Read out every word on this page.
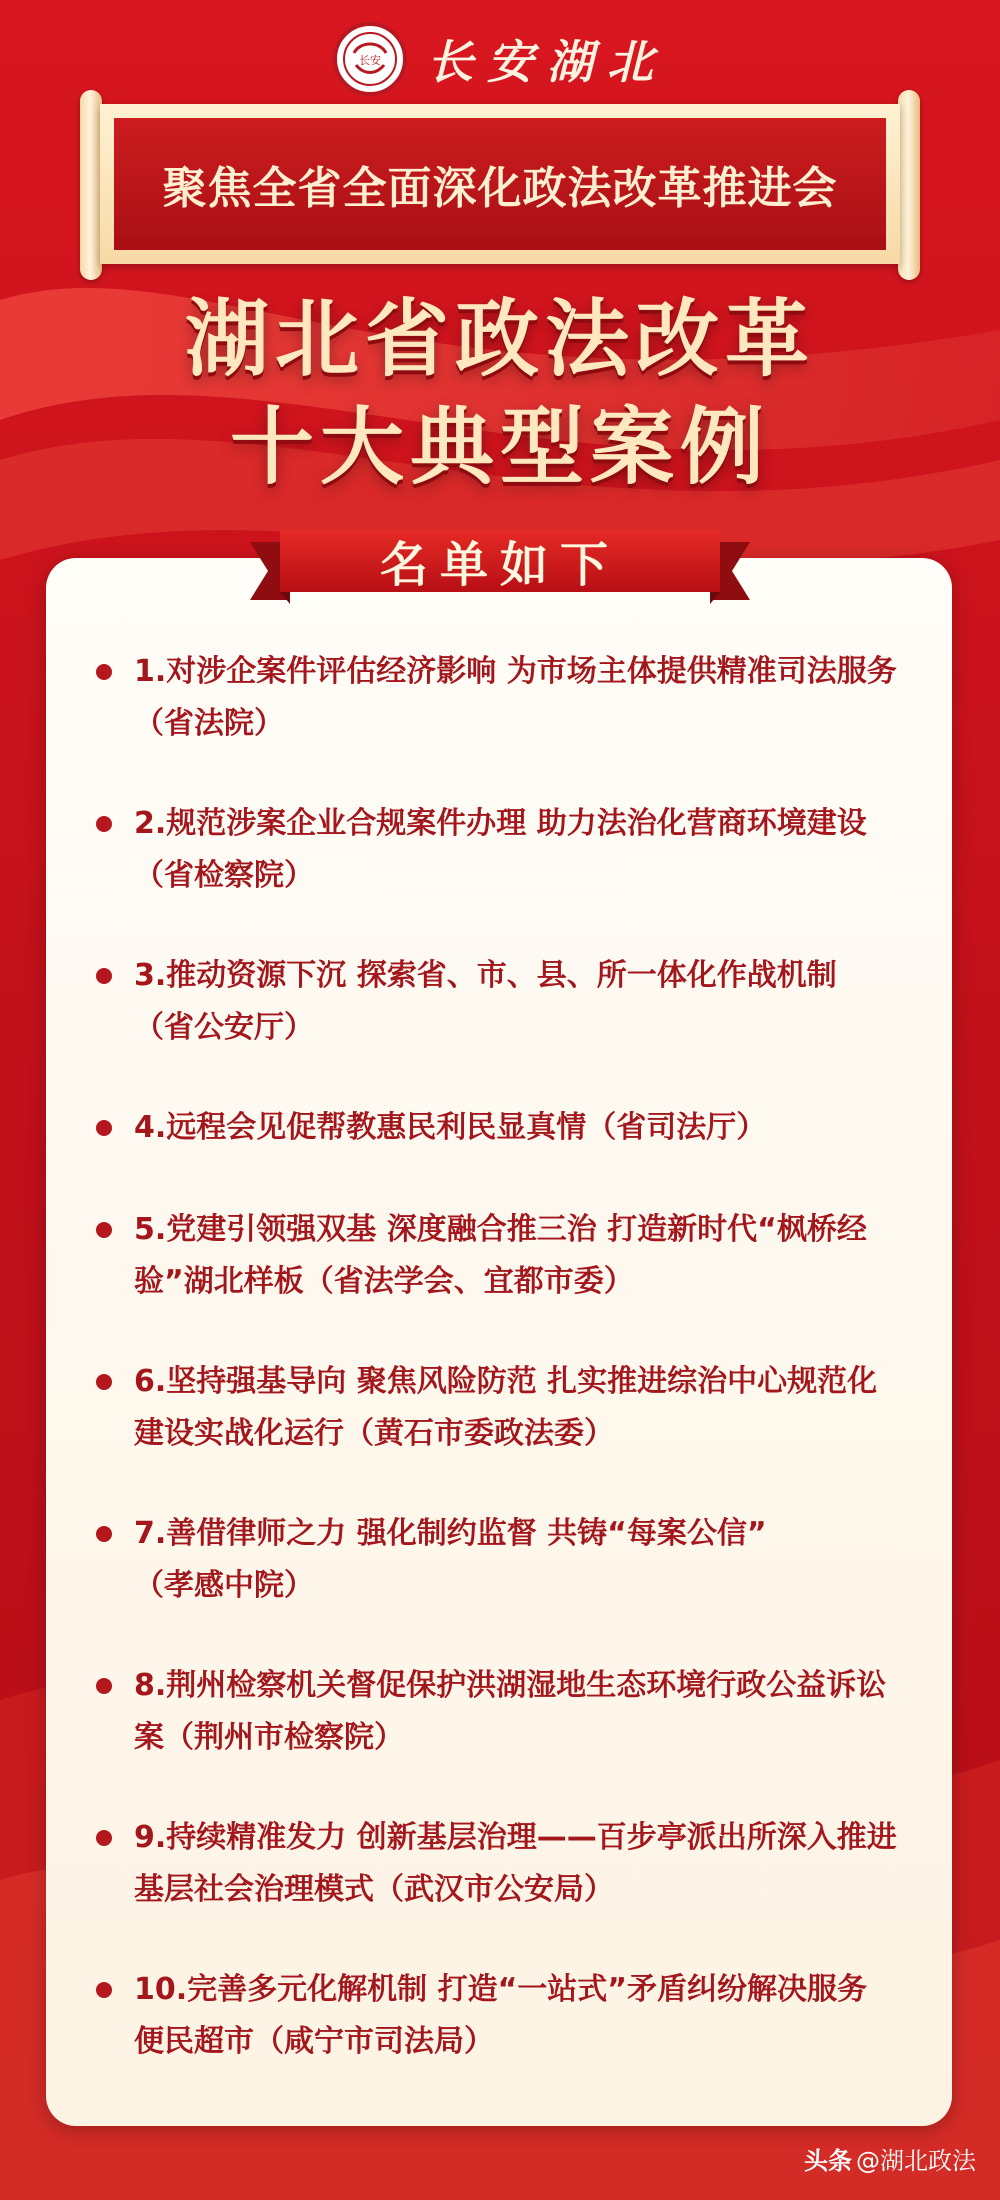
长安 长安湖北
聚焦全省全面深化政法改革推进会
湖北省政法改革
十大典型案例
名单如下
1.对涉企案件评估经济影响 为市场主体提供精准司法服务
（省法院）
2.规范涉案企业合规案件办理 助力法治化营商环境建设
（省检察院）
3.推动资源下沉 探索省、市、县、所一体化作战机制
（省公安厅）
4.远程会见促帮教惠民利民显真情（省司法厅）
5.党建引领强双基 深度融合推三治 打造新时代“枫桥经
验”湖北样板（省法学会、宜都市委）
6.坚持强基导向 聚焦风险防范 扎实推进综治中心规范化
建设实战化运行（黄石市委政法委）
7.善借律师之力 强化制约监督 共铸“每案公信”
（孝感中院）
8.荆州检察机关督促保护洪湖湿地生态环境行政公益诉讼
案（荆州市检察院）
9.持续精准发力 创新基层治理——百步亭派出所深入推进
基层社会治理模式（武汉市公安局）
10.完善多元化解机制 打造“一站式”矛盾纠纷解决服务
便民超市（咸宁市司法局）
头条 @湖北政法
